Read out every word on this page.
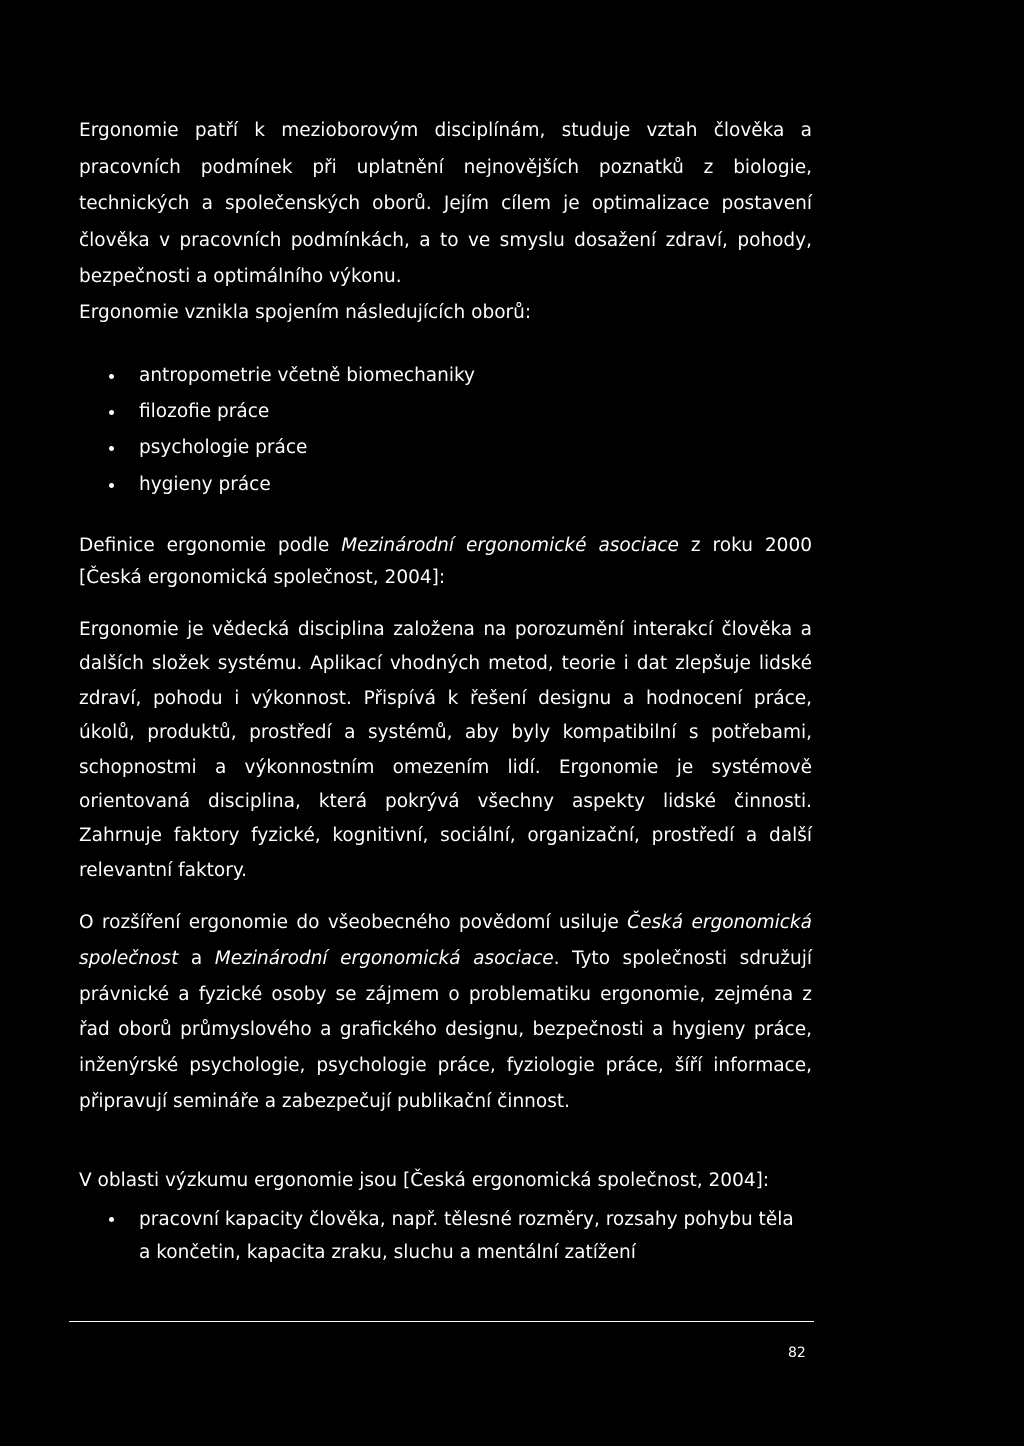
Ergonomie patří k mezioborovým disciplínám, studuje vztah člověka a
pracovních podmínek při uplatnění nejnovějších poznatků z biologie,
technických a společenských oborů. Jejím cílem je optimalizace postavení
člověka v pracovních podmínkách, a to ve smyslu dosažení zdraví, pohody,
bezpečnosti a optimálního výkonu.
Ergonomie vznikla spojením následujících oborů:
antropometrie včetně biomechaniky
filozofie práce
psychologie práce
hygieny práce
Definice ergonomie podle Mezinárodní ergonomické asociace z roku 2000
[Česká ergonomická společnost, 2004]:
Ergonomie je vědecká disciplina založena na porozumění interakcí člověka a
dalších složek systému. Aplikací vhodných metod, teorie i dat zlepšuje lidské
zdraví, pohodu i výkonnost. Přispívá k řešení designu a hodnocení práce,
úkolů, produktů, prostředí a systémů, aby byly kompatibilní s potřebami,
schopnostmi a výkonnostním omezením lidí. Ergonomie je systémově
orientovaná disciplina, která pokrývá všechny aspekty lidské činnosti.
Zahrnuje faktory fyzické, kognitivní, sociální, organizační, prostředí a další
relevantní faktory.
O rozšíření ergonomie do všeobecného povědomí usiluje Česká ergonomická
společnost a Mezinárodní ergonomická asociace. Tyto společnosti sdružují
právnické a fyzické osoby se zájmem o problematiku ergonomie, zejména z
řad oborů průmyslového a grafického designu, bezpečnosti a hygieny práce,
inženýrské psychologie, psychologie práce, fyziologie práce, šíří informace,
připravují semináře a zabezpečují publikační činnost.
V oblasti výzkumu ergonomie jsou [Česká ergonomická společnost, 2004]:
pracovní kapacity člověka, např. tělesné rozměry, rozsahy pohybu těla
a končetin, kapacita zraku, sluchu a mentální zatížení
82
